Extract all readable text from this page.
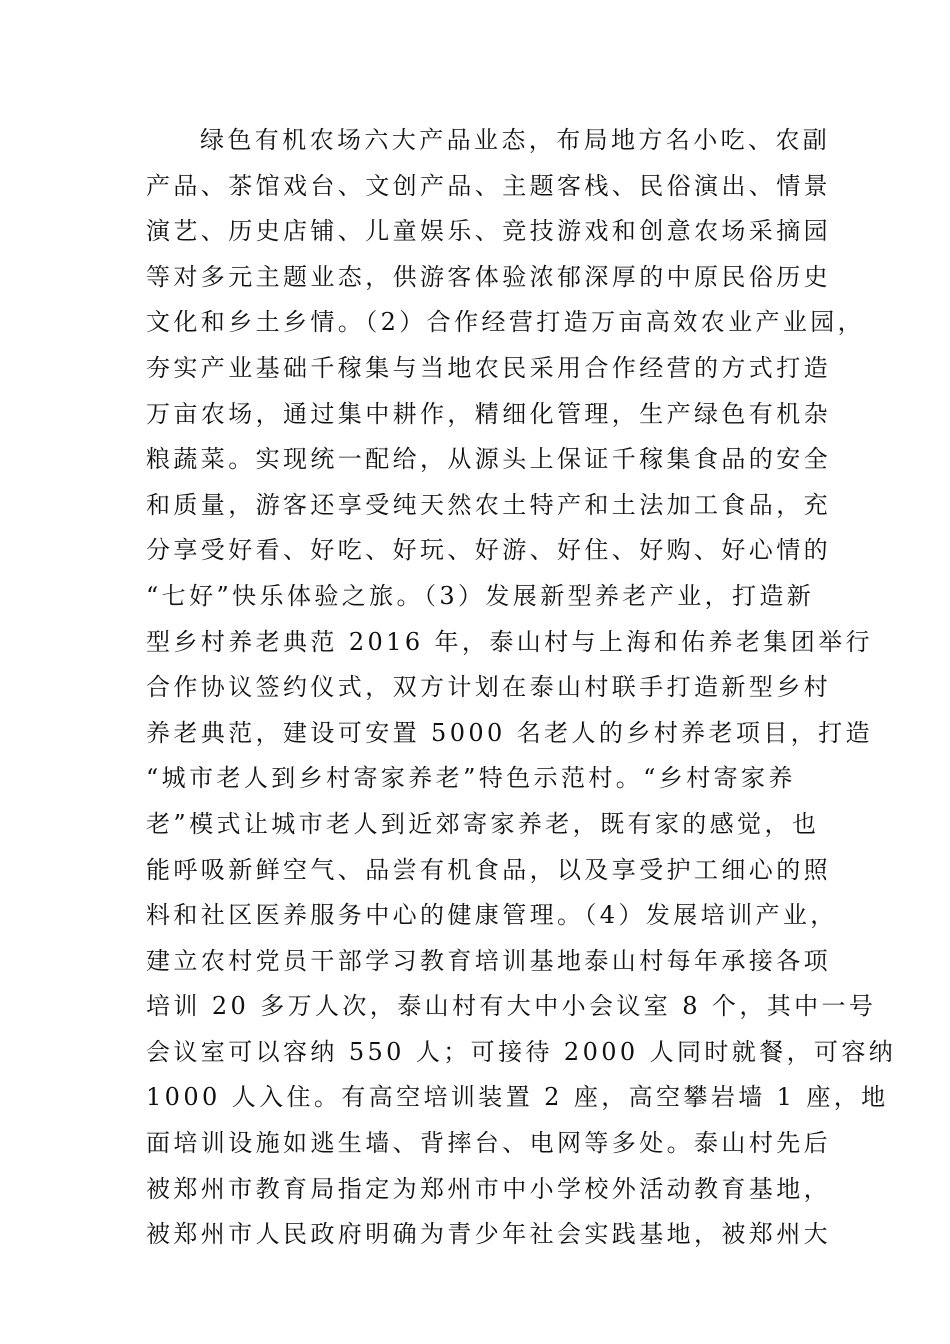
绿色有机农场六大产品业态，布局地方名小吃、农副
产品、茶馆戏台、文创产品、主题客栈、民俗演出、情景
演艺、历史店铺、儿童娱乐、竞技游戏和创意农场采摘园
等对多元主题业态，供游客体验浓郁深厚的中原民俗历史
文化和乡土乡情。（2）合作经营打造万亩高效农业产业园，
夯实产业基础千稼集与当地农民采用合作经营的方式打造
万亩农场，通过集中耕作，精细化管理，生产绿色有机杂
粮蔬菜。实现统一配给，从源头上保证千稼集食品的安全
和质量，游客还享受纯天然农土特产和土法加工食品，充
分享受好看、好吃、好玩、好游、好住、好购、好心情的
“七好”快乐体验之旅。（3）发展新型养老产业，打造新
型乡村养老典范 2016 年，泰山村与上海和佑养老集团举行
合作协议签约仪式，双方计划在泰山村联手打造新型乡村
养老典范，建设可安置 5000 名老人的乡村养老项目，打造
“城市老人到乡村寄家养老”特色示范村。“乡村寄家养
老”模式让城市老人到近郊寄家养老，既有家的感觉，也
能呼吸新鲜空气、品尝有机食品，以及享受护工细心的照
料和社区医养服务中心的健康管理。（4）发展培训产业，
建立农村党员干部学习教育培训基地泰山村每年承接各项
培训 20 多万人次，泰山村有大中小会议室 8 个，其中一号
会议室可以容纳 550 人；可接待 2000 人同时就餐，可容纳
1000 人入住。有高空培训装置 2 座，高空攀岩墙 1 座，地
面培训设施如逃生墙、背摔台、电网等多处。泰山村先后
被郑州市教育局指定为郑州市中小学校外活动教育基地，
被郑州市人民政府明确为青少年社会实践基地，被郑州大
